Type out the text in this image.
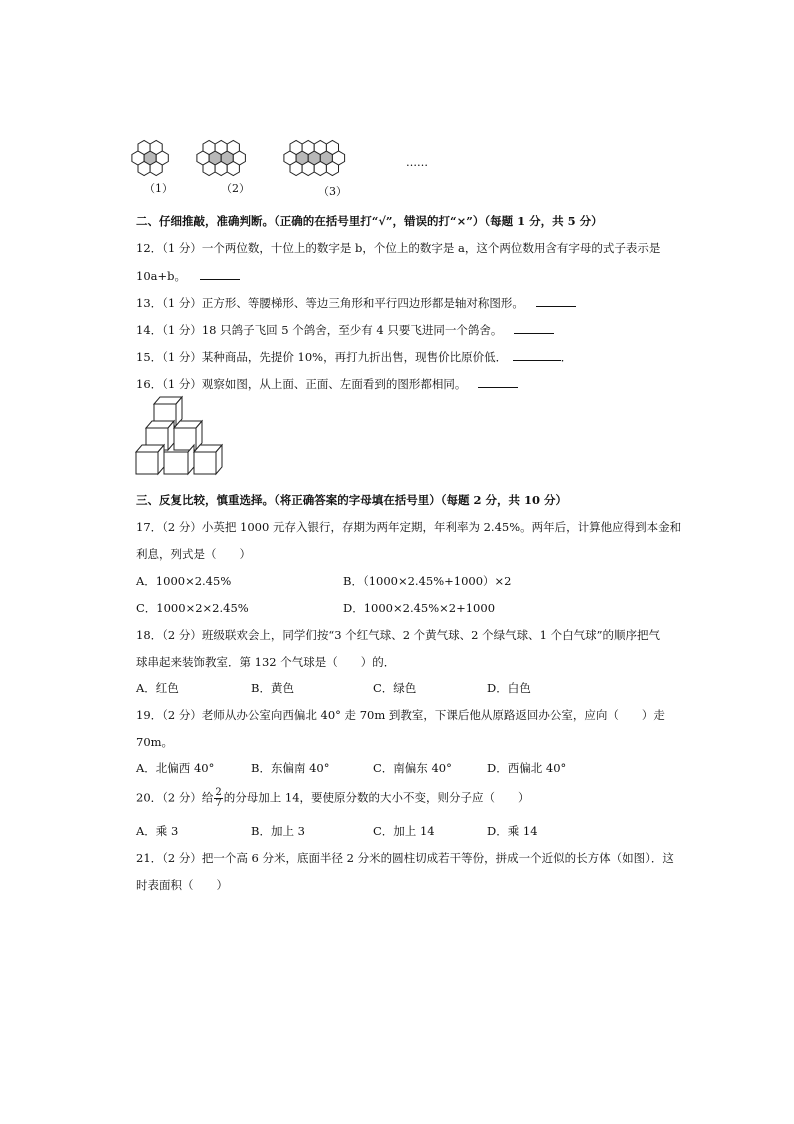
……
（1）	（2）	（3）
二、仔细推敲，准确判断。（正确的在括号里打“√”，错误的打“×”）（每题 1 分，共 5 分）
12．（1 分）一个两位数，十位上的数字是 b，个位上的数字是 a，这个两位数用含有字母的式子表示是
10a+b。
13．（1 分）正方形、等腰梯形、等边三角形和平行四边形都是轴对称图形。
14．（1 分）18 只鸽子飞回 5 个鸽舍，至少有 4 只要飞进同一个鸽舍。
15．（1 分）某种商品，先提价 10%，再打九折出售，现售价比原价低．	．
16．（1 分）观察如图，从上面、正面、左面看到的图形都相同。
三、反复比较，慎重选择。（将正确答案的字母填在括号里）（每题 2 分，共 10 分）
17．（2 分）小英把 1000 元存入银行，存期为两年定期，年利率为 2.45%。两年后，计算他应得到本金和
利息，列式是（　　）
A．1000×2.45%	B．（1000×2.45%+1000）×2
C．1000×2×2.45%	D．1000×2.45%×2+1000
18．（2 分）班级联欢会上，同学们按“3 个红气球、2 个黄气球、2 个绿气球、1 个白气球”的顺序把气
球串起来装饰教室．第 132 个气球是（　　）的．
A．红色	B．黄色	C．绿色	D．白色
19．（2 分）老师从办公室向西偏北 40° 走 70m 到教室，下课后他从原路返回办公室，应向（　　）走
70m。
A．北偏西 40°	B．东偏南 40°	C．南偏东 40°	D．西偏北 40°
20．（2 分）给 $\frac{2}{7}$ 的分母加上 14，要使原分数的大小不变，则分子应（　　）
A．乘 3	B．加上 3	C．加上 14	D．乘 14
21．（2 分）把一个高 6 分米，底面半径 2 分米的圆柱切成若干等份，拼成一个近似的长方体（如图）．这
时表面积（　　）
